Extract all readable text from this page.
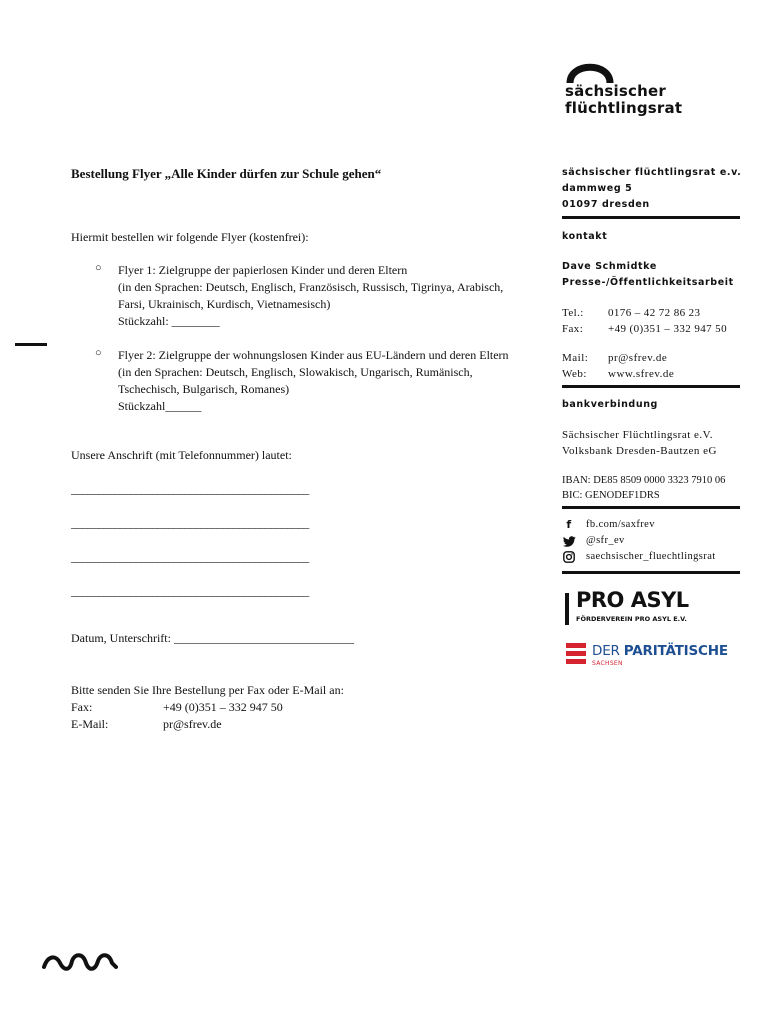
sächsischer
flüchtlingsrat
Bestellung Flyer „Alle Kinder dürfen zur Schule gehen“
Hiermit bestellen wir folgende Flyer (kostenfrei):
○ Flyer 1: Zielgruppe der papierlosen Kinder und deren Eltern
(in den Sprachen: Deutsch, Englisch, Französisch, Russisch, Tigrinya, Arabisch,
Farsi, Ukrainisch, Kurdisch, Vietnamesisch)
Stückzahl: ________
○ Flyer 2: Zielgruppe der wohnungslosen Kinder aus EU-Ländern und deren Eltern
(in den Sprachen: Deutsch, Englisch, Slowakisch, Ungarisch, Rumänisch,
Tschechisch, Bulgarisch, Romanes)
Stückzahl______
Unsere Anschrift (mit Telefonnummer) lautet:
____________________________________________
____________________________________________
____________________________________________
____________________________________________
Datum, Unterschrift: ______________________________
Bitte senden Sie Ihre Bestellung per Fax oder E-Mail an:
Fax:	+49 (0)351 – 332 947 50
E-Mail:	pr@sfrev.de
sächsischer flüchtlingsrat e.v.
dammweg 5
01097 dresden
kontakt
Dave Schmidtke
Presse-/Öffentlichkeitsarbeit
Tel.:	0176 – 42 72 86 23
Fax:	+49 (0)351 – 332 947 50
Mail:	pr@sfrev.de
Web:	www.sfrev.de
bankverbindung
Sächsischer Flüchtlingsrat e.V.
Volksbank Dresden-Bautzen eG
IBAN: DE85 8509 0000 3323 7910 06
BIC: GENODEF1DRS
f	fb.com/saxfrev
@sfr_ev
saechsischer_fluechtlingsrat
PRO ASYL
FÖRDERVEREIN PRO ASYL E.V.
DER PARITÄTISCHE
SACHSEN
